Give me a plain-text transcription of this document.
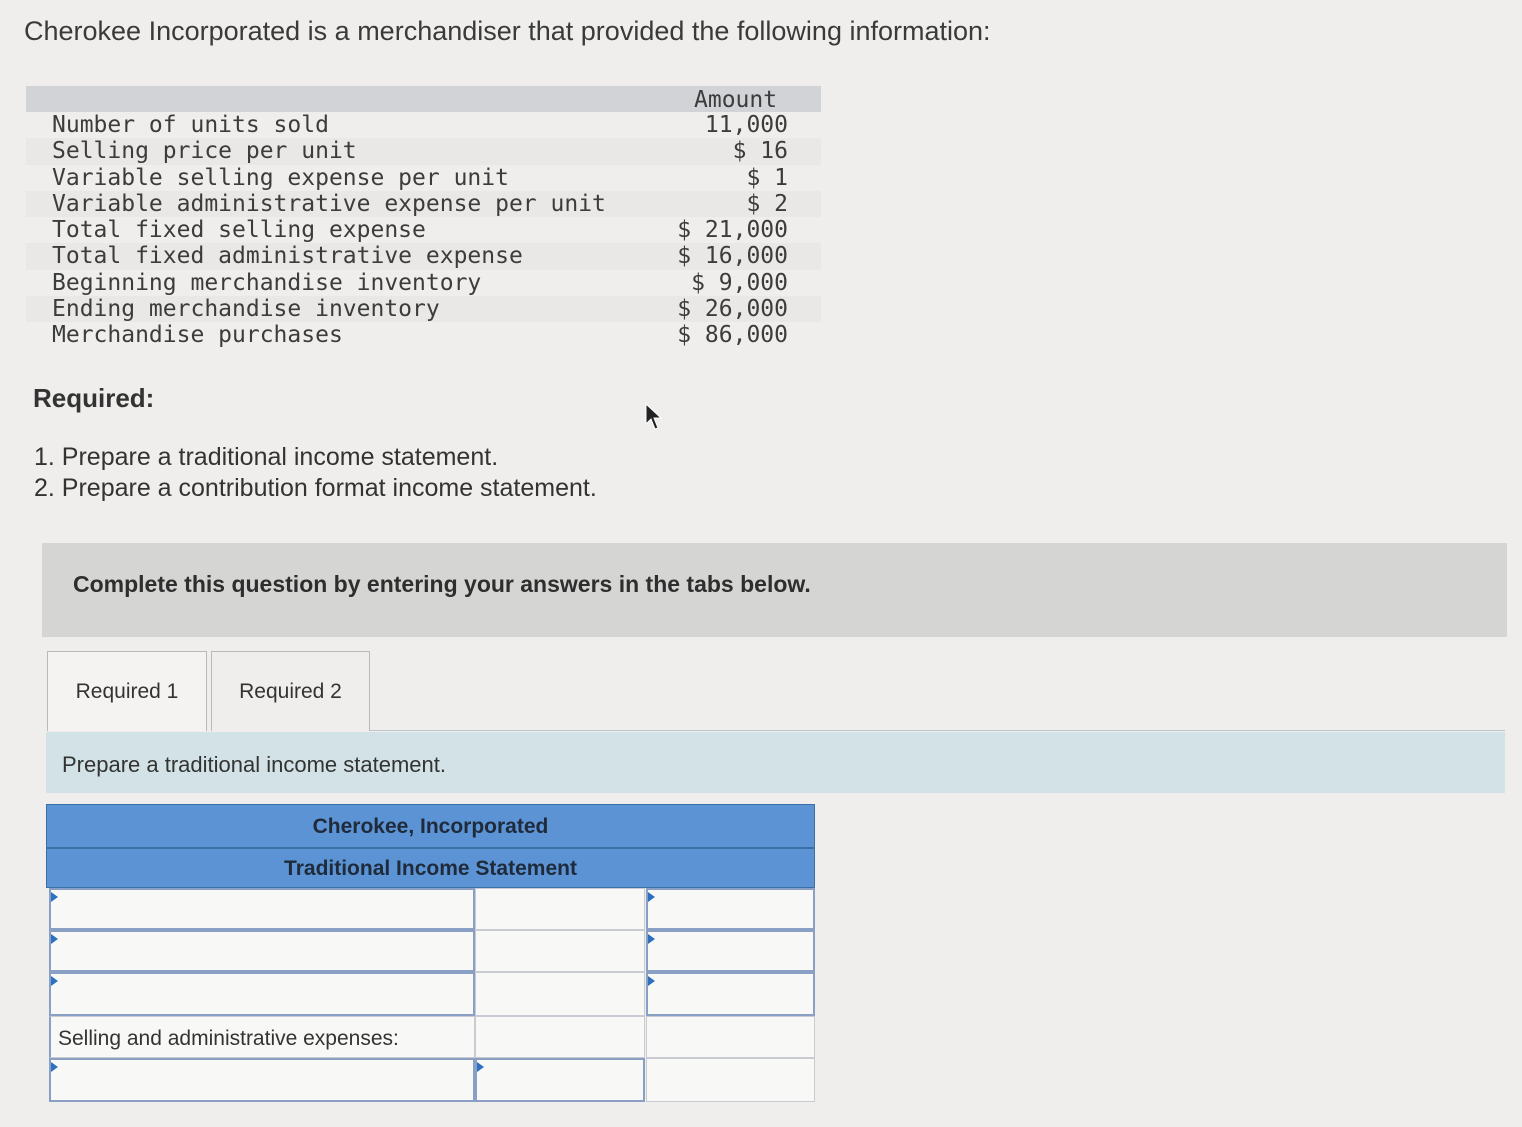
Cherokee Incorporated is a merchandiser that provided the following information:
Amount
Number of units sold	11,000
Selling price per unit	$ 16
Variable selling expense per unit	$ 1
Variable administrative expense per unit	$ 2
Total fixed selling expense	$ 21,000
Total fixed administrative expense	$ 16,000
Beginning merchandise inventory	$ 9,000
Ending merchandise inventory	$ 26,000
Merchandise purchases	$ 86,000
Required:
1. Prepare a traditional income statement.
2. Prepare a contribution format income statement.
Complete this question by entering your answers in the tabs below.
Required 1	Required 2
Prepare a traditional income statement.
Cherokee, Incorporated
Traditional Income Statement
Selling and administrative expenses:
